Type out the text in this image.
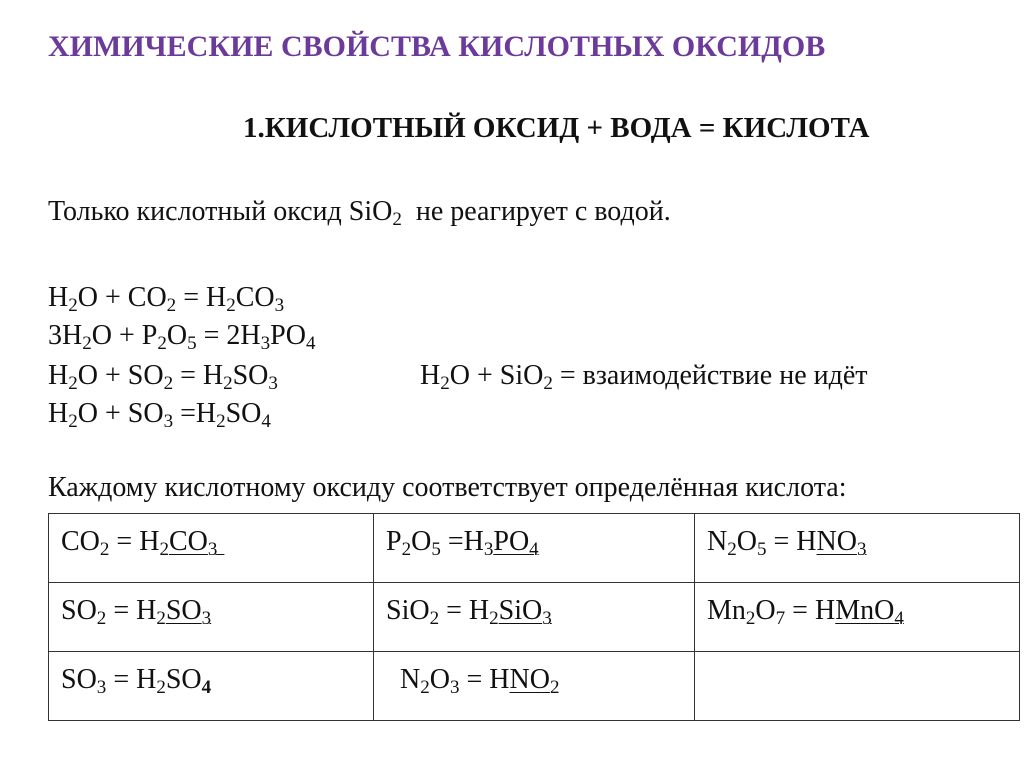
ХИМИЧЕСКИЕ СВОЙСТВА КИСЛОТНЫХ ОКСИДОВ
1.КИСЛОТНЫЙ ОКСИД + ВОДА = КИСЛОТА
Только кислотный оксид SiO$_2$ не реагирует с водой.
$H_2O + CO_2 = H_2CO_3$
$3H_2O + P_2O_5 = 2H_3PO_4$
$H_2O + SO_2 = H_2SO_3$	$H_2O + SiO_2$ = взаимодействие не идёт
$H_2O + SO_3 =H_2SO_4$
Каждому кислотному оксиду соответствует определённая кислота:
$CO_2 = H_2CO_3$	$P_2O_5 =H_3PO_4$	$N_2O_5 = HNO_3$

$SO_2 = H_2SO_3$	$SiO_2 = H_2SiO_3$	$Mn_2O_7$ = HMnO$_4$

$SO_3 = H_2SO_4$	$N_2O_3 = HNO_2$
